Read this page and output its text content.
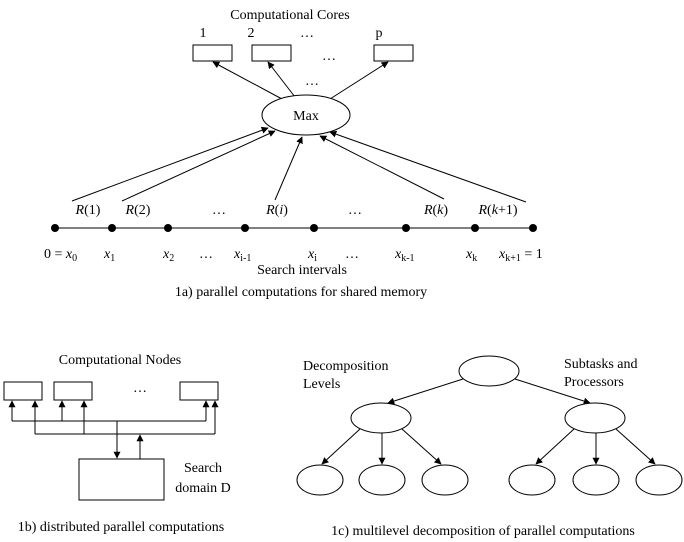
Computational Cores
1	2	…	p
…
…
Max
R(1) R(2)	…	R(i)	…	R(k) R(k+1)
$0 = x_0$ $x_1$	$x_2$ … $x_{i-1}$	$x_i$ …	$x_{k-1}$	$x_k$ $x_{k+1} = 1$
Search intervals
1a) parallel computations for shared memory
Computational Nodes
…
Search
domain D
1b) distributed parallel computations
Decomposition
Levels
Subtasks and
Processors
1c) multilevel decomposition of parallel computations
